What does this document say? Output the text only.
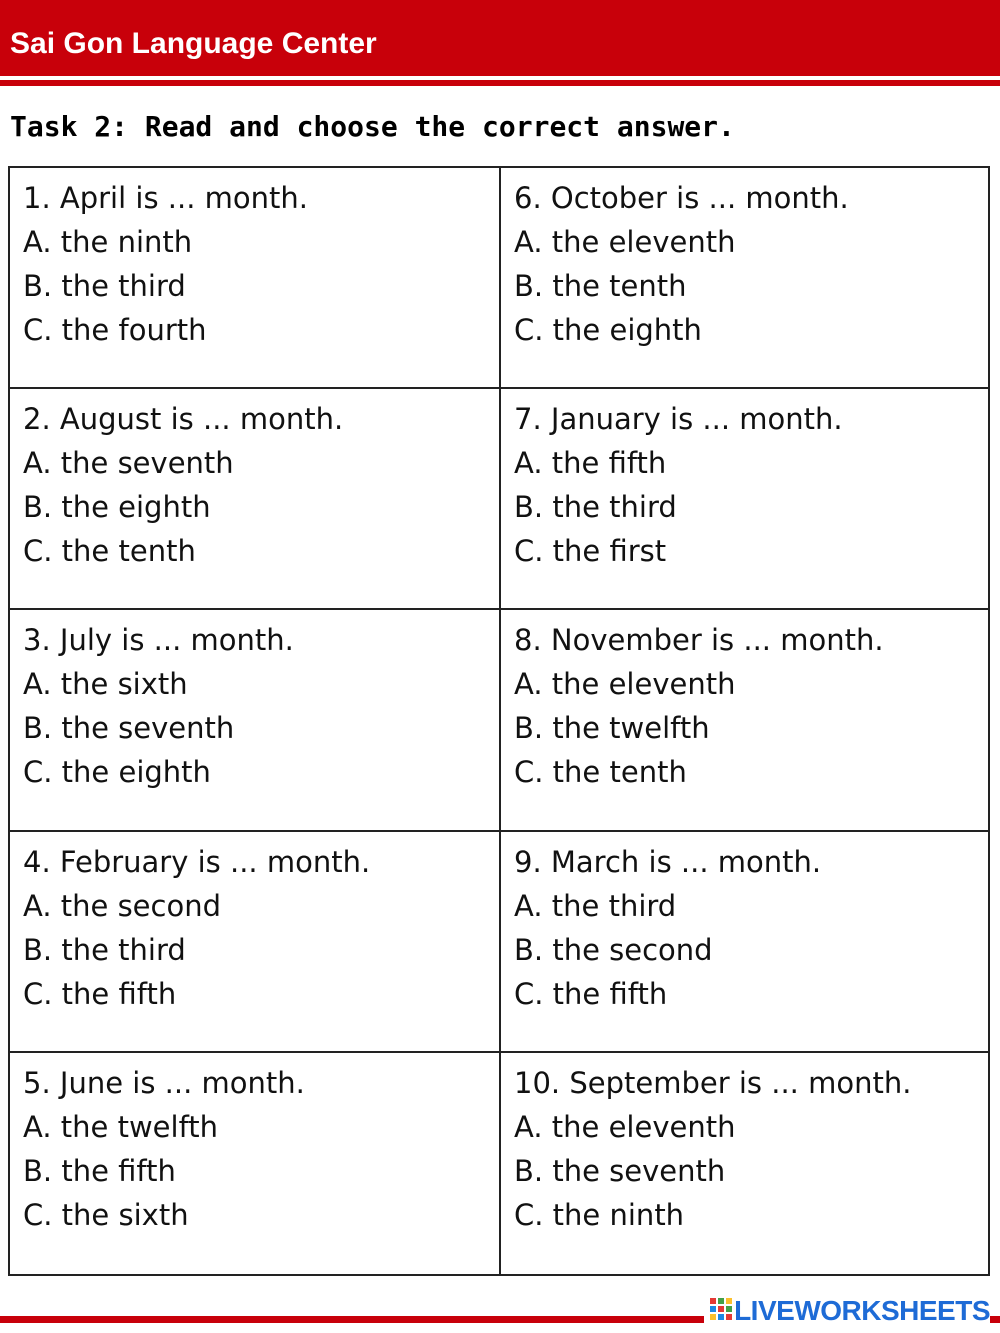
Sai Gon Language Center
Task 2: Read and choose the correct answer.
1. April is ... month.
A. the ninth
B. the third
C. the fourth
6. October is ... month.
A. the eleventh
B. the tenth
C. the eighth
2. August is ... month.
A. the seventh
B. the eighth
C. the tenth
7. January is ... month.
A. the fifth
B. the third
C. the first
3. July is ... month.
A. the sixth
B. the seventh
C. the eighth
8. November is ... month.
A. the eleventh
B. the twelfth
C. the tenth
4. February is ... month.
A. the second
B. the third
C. the fifth
9. March is ... month.
A. the third
B. the second
C. the fifth
5. June is ... month.
A. the twelfth
B. the fifth
C. the sixth
10. September is ... month.
A. the eleventh
B. the seventh
C. the ninth
LIVEWORKSHEETS
